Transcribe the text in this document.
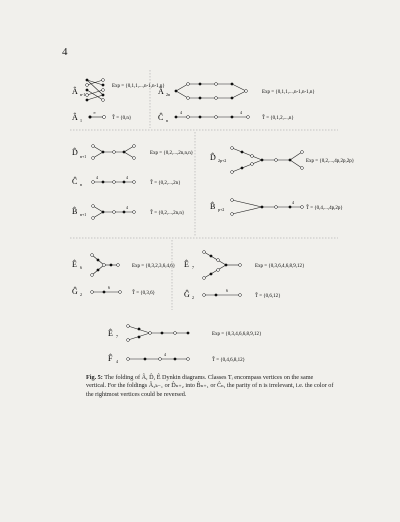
4
Â n-1
Exp = {0,1,1,...,n-1,n-1,n}
Â 1
∞
T̂ = {0,n}
Â 2n	Exp = {0,1,1,...,n-1,n-1,n}
Ĉ n
4	4
T̂ = {0,1,2,...,n}
D̂ n+1
Exp = {0,2,...,2n,n,n}
Ĉ n
4	4
T̂ = {0,2,...,2n}
B̂ n+1
4
T̂ = {0,2,...,2n,n}
D̂ 2p+2	Exp = {0,2,...,4p,2p,2p}
B̂ p+2
4
T̂ = {0,4,...,4p,2p}
Ê 6	Exp = {0,3,2,3,6,4,6}
Ĝ 2
6
T̂ = {0,3,6}
Ê 7	Exp = {0,3,6,4,6,8,9,12}
Ĝ 2
6
T̂ = {0,6,12}
Ê 7	Exp = {0,3,4,6,6,8,9,12}
F̂ 4
4
T̂ = {0,4,6,8,12}
Fig. 5: The folding of Â, D̂, Ê Dynkin diagrams. Classes Tᵢ encompass vertices on the same vertical. For the foldings Â₂ₖ₋₁ or D̂ₙ₊₂ into B̂ₙ₊₁ or Ĉₙ, the parity of n is irrelevant, i.e. the color of the rightmost vertices could be reversed.
